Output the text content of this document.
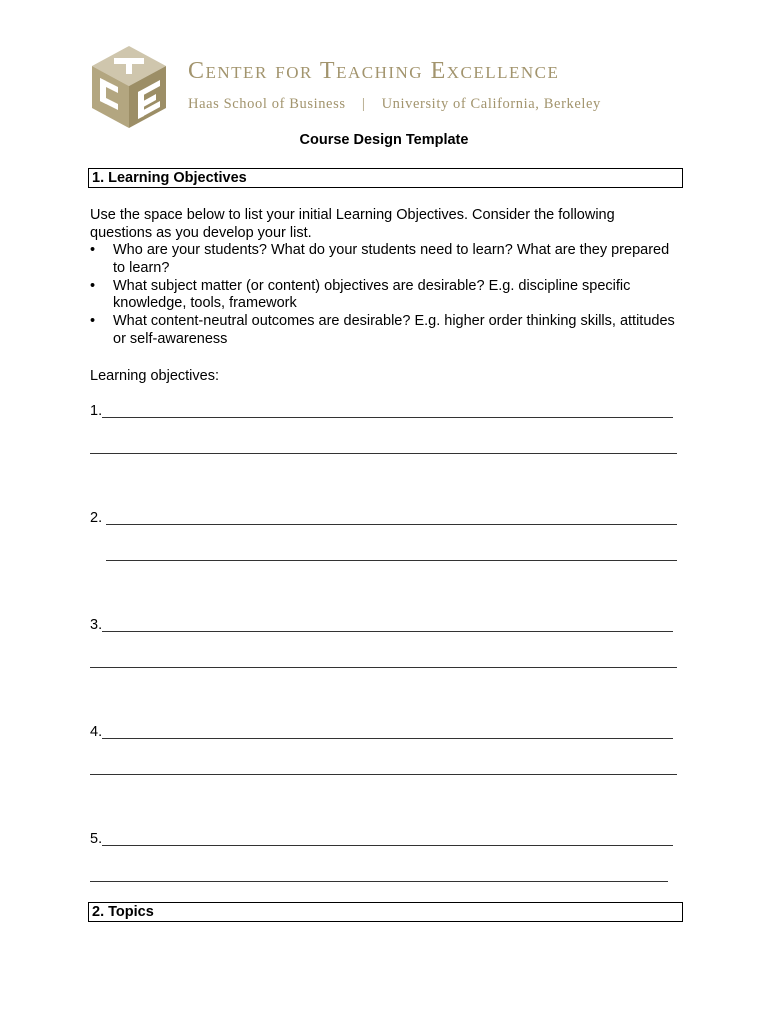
Center for Teaching Excellence
Haas School of Business | University of California, Berkeley
Course Design Template
1. Learning Objectives
Use the space below to list your initial Learning Objectives. Consider the following questions as you develop your list.
• Who are your students? What do your students need to learn? What are they prepared to learn?
• What subject matter (or content) objectives are desirable? E.g. discipline specific knowledge, tools, framework
• What content-neutral outcomes are desirable? E.g. higher order thinking skills, attitudes or self-awareness
Learning objectives:
1.
2.
3.
4.
5.
2. Topics
